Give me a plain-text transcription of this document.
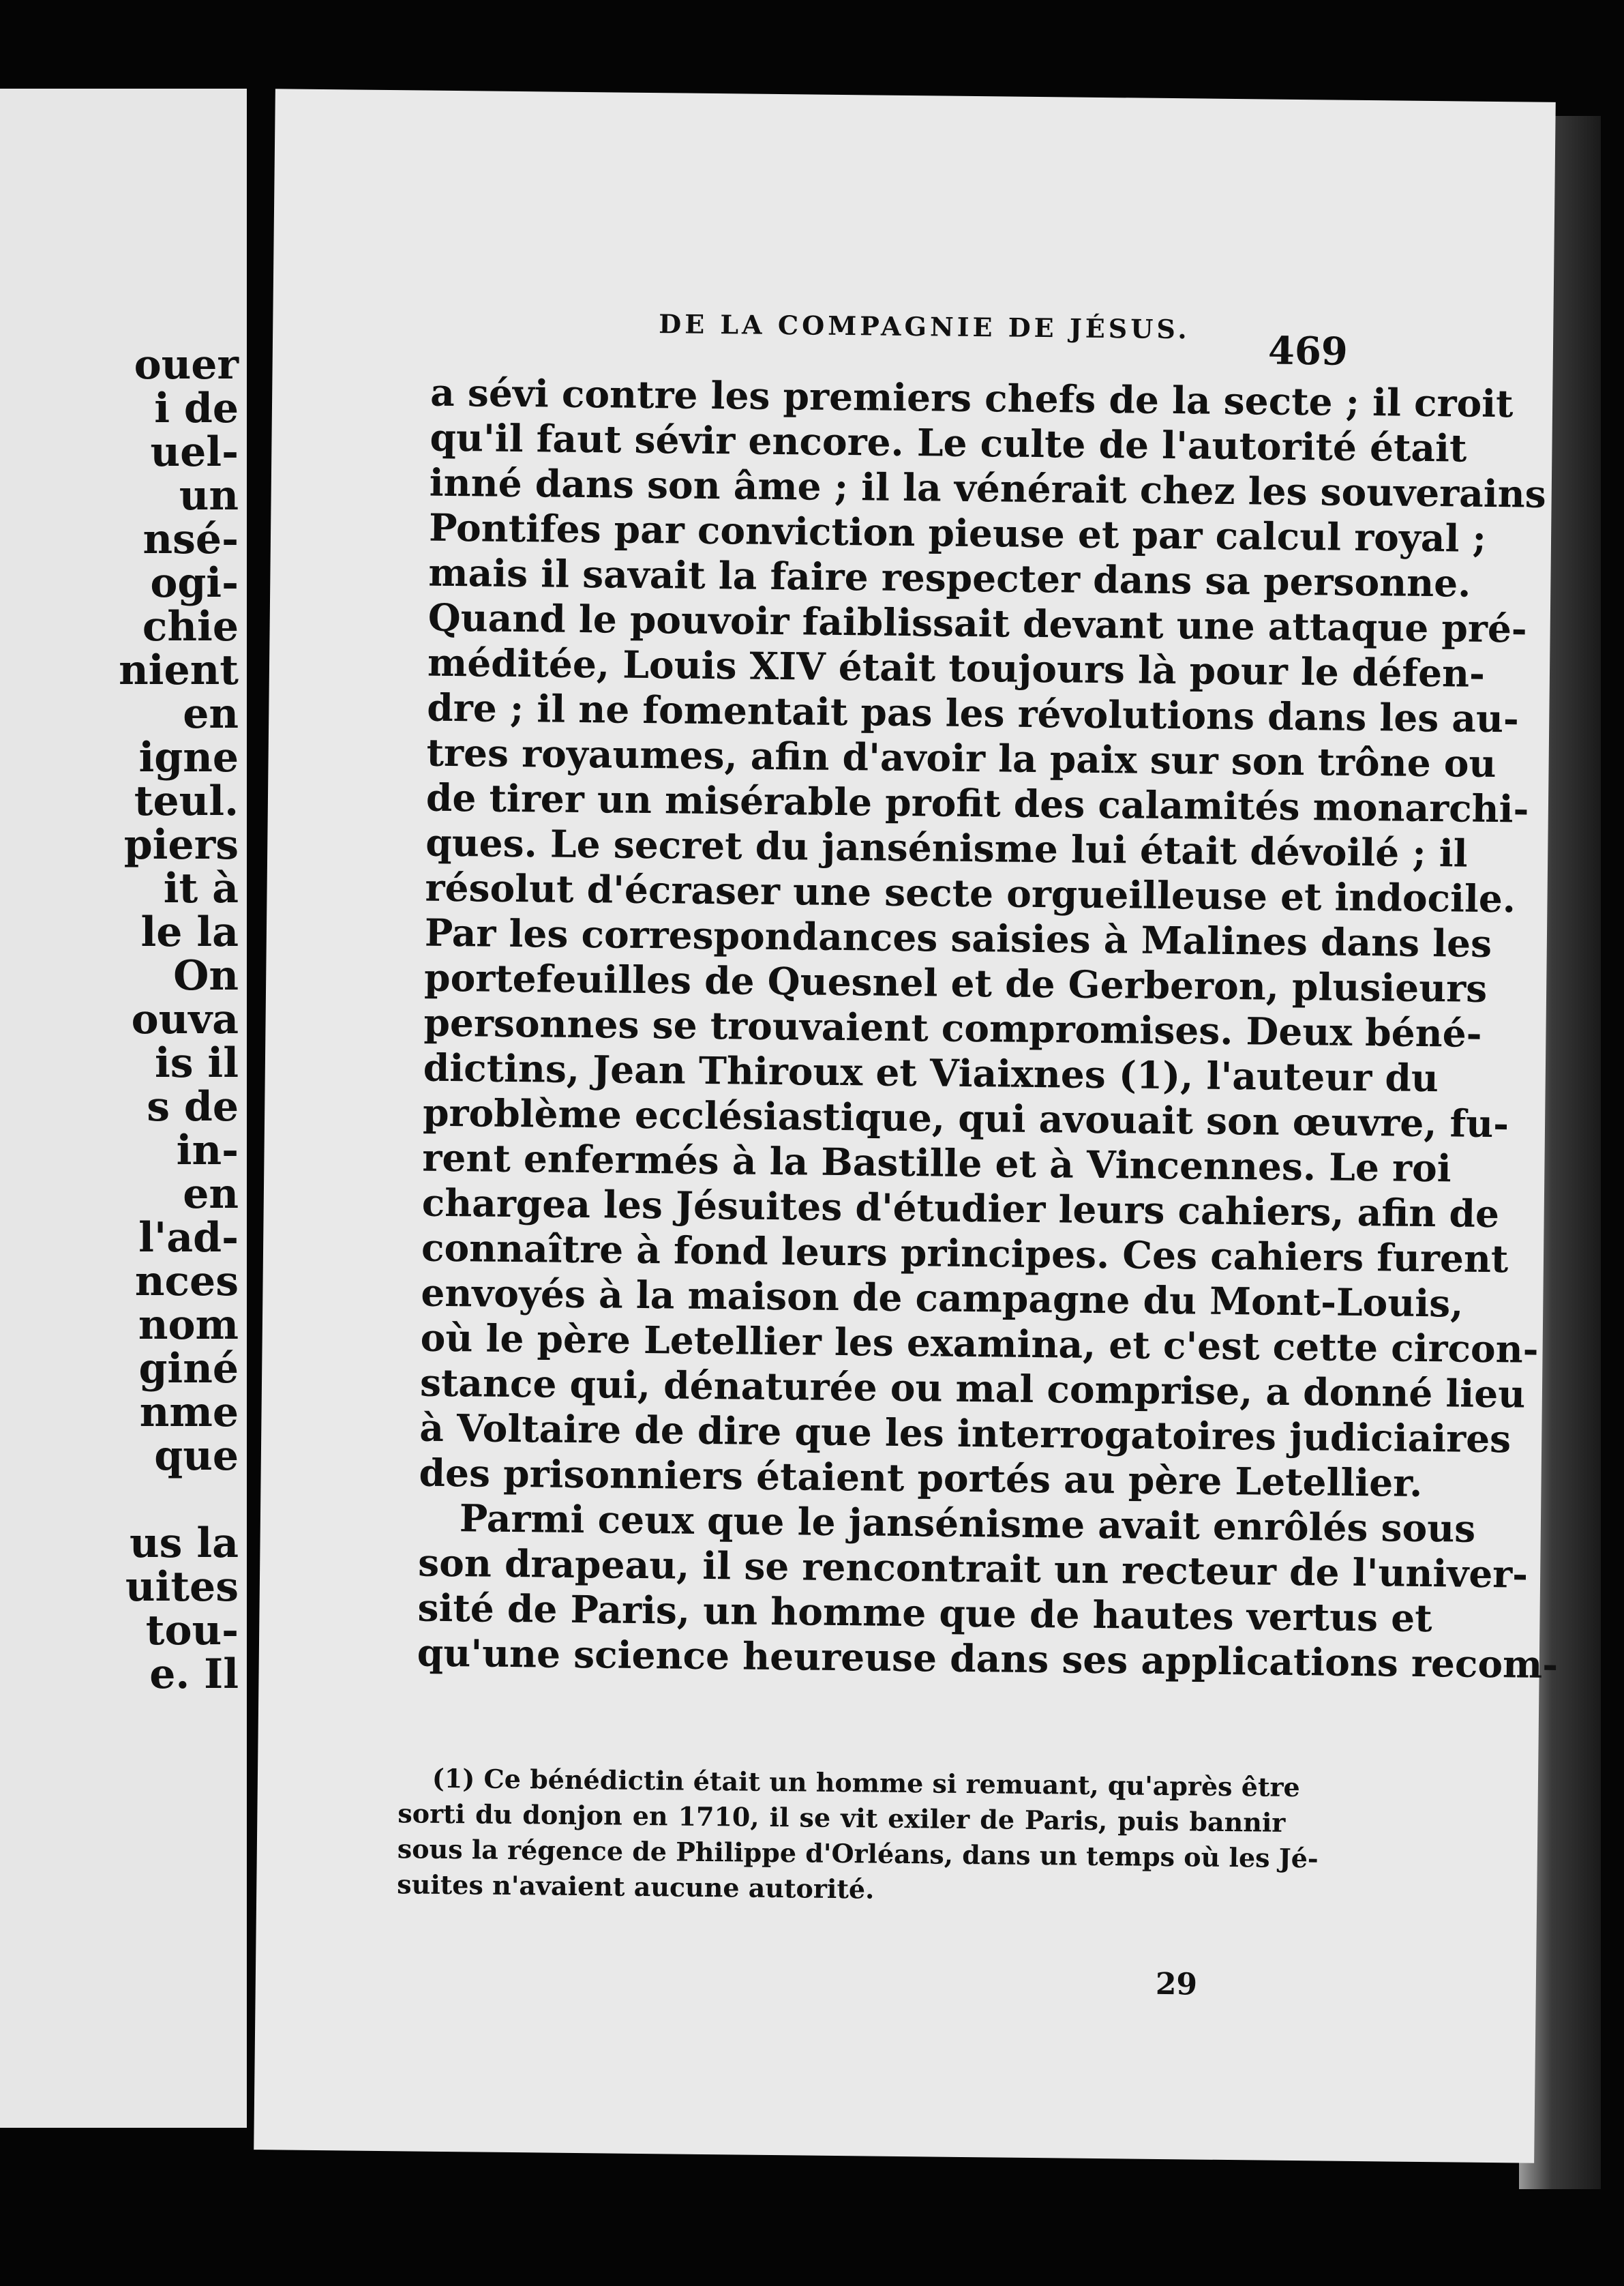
ouer
i de
uel-
un
nsé-
ogi-
chie
nient
en
igne
teul.
piers
it à
le la
On
ouva
is il
s de
in-
en
l'ad-
nces
nom
giné
nme
que
us la
uites
tou-
e. Il
DE LA COMPAGNIE DE JÉSUS.
469
a sévi contre les premiers chefs de la secte ; il croit
qu'il faut sévir encore. Le culte de l'autorité était
inné dans son âme ; il la vénérait chez les souverains
Pontifes par conviction pieuse et par calcul royal ;
mais il savait la faire respecter dans sa personne.
Quand le pouvoir faiblissait devant une attaque pré-
méditée, Louis XIV était toujours là pour le défen-
dre ; il ne fomentait pas les révolutions dans les au-
tres royaumes, afin d'avoir la paix sur son trône ou
de tirer un misérable profit des calamités monarchi-
ques. Le secret du jansénisme lui était dévoilé ; il
résolut d'écraser une secte orgueilleuse et indocile.
Par les correspondances saisies à Malines dans les
portefeuilles de Quesnel et de Gerberon, plusieurs
personnes se trouvaient compromises. Deux béné-
dictins, Jean Thiroux et Viaixnes (1), l'auteur du
problème ecclésiastique, qui avouait son œuvre, fu-
rent enfermés à la Bastille et à Vincennes. Le roi
chargea les Jésuites d'étudier leurs cahiers, afin de
connaître à fond leurs principes. Ces cahiers furent
envoyés à la maison de campagne du Mont-Louis,
où le père Letellier les examina, et c'est cette circon-
stance qui, dénaturée ou mal comprise, a donné lieu
à Voltaire de dire que les interrogatoires judiciaires
des prisonniers étaient portés au père Letellier.
Parmi ceux que le jansénisme avait enrôlés sous
son drapeau, il se rencontrait un recteur de l'univer-
sité de Paris, un homme que de hautes vertus et
qu'une science heureuse dans ses applications recom-
(1) Ce bénédictin était un homme si remuant, qu'après être
sorti du donjon en 1710, il se vit exiler de Paris, puis bannir
sous la régence de Philippe d'Orléans, dans un temps où les Jé-
suites n'avaient aucune autorité.
29
